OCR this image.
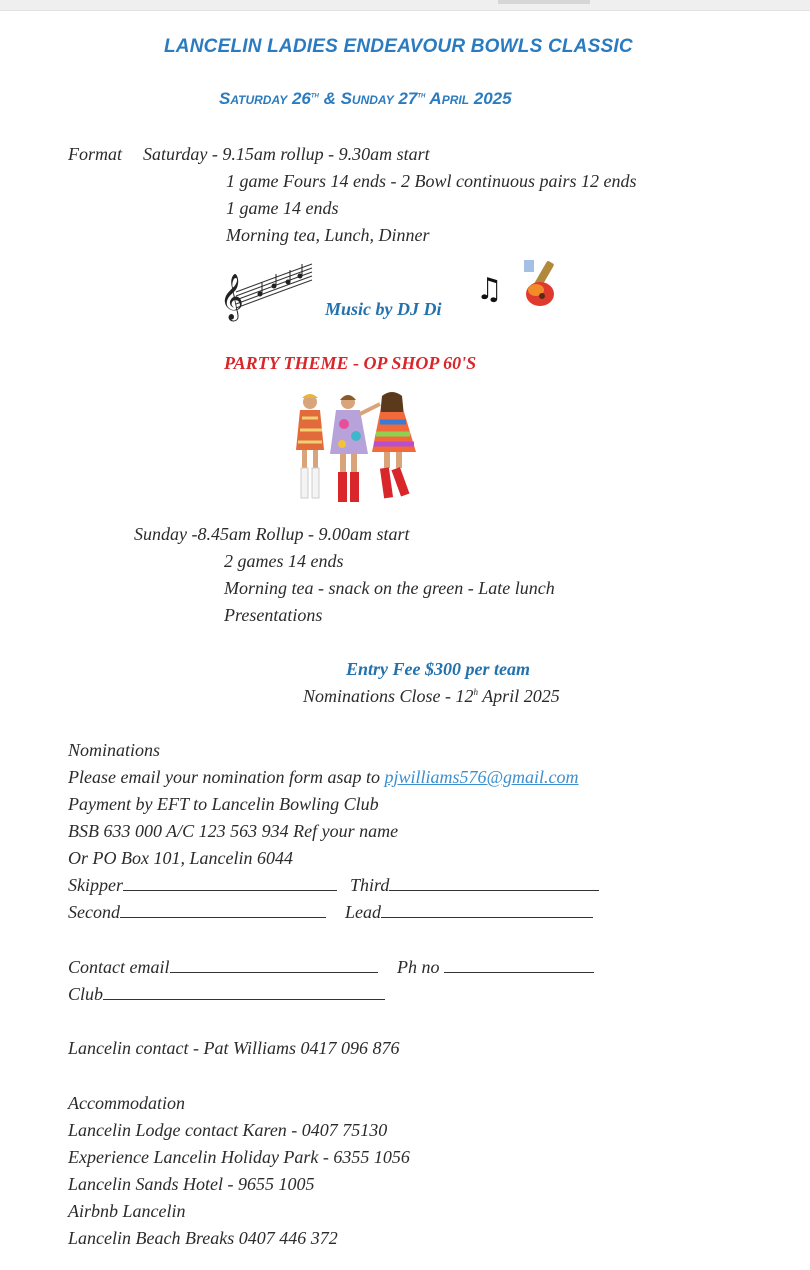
LANCELIN LADIES ENDEAVOUR BOWLS CLASSIC
Saturday 26th & Sunday 27th April 2025
Format Saturday - 9.15am rollup - 9.30am start
1 game Fours 14 ends - 2 Bowl continuous pairs 12 ends
1 game 14 ends
Morning tea, Lunch, Dinner
𝄞	Music by DJ Di
♫
PARTY THEME - OP SHOP 60'S
Sunday -8.45am Rollup - 9.00am start
2 games 14 ends
Morning tea - snack on the green - Late lunch
Presentations
Entry Fee $300 per team
Nominations Close - 12$^h$ April 2025
Nominations
Please email your nomination form asap to pjwilliams576@gmail.com
Payment by EFT to Lancelin Bowling Club
BSB 633 000 A/C 123 563 934 Ref your name
Or PO Box 101, Lancelin 6044
Skipper	Third
Second	Lead
Contact email	Ph no
Club
Lancelin contact - Pat Williams 0417 096 876
Accommodation
Lancelin Lodge contact Karen - 0407 75130
Experience Lancelin Holiday Park - 6355 1056
Lancelin Sands Hotel - 9655 1005
Airbnb Lancelin
Lancelin Beach Breaks 0407 446 372
